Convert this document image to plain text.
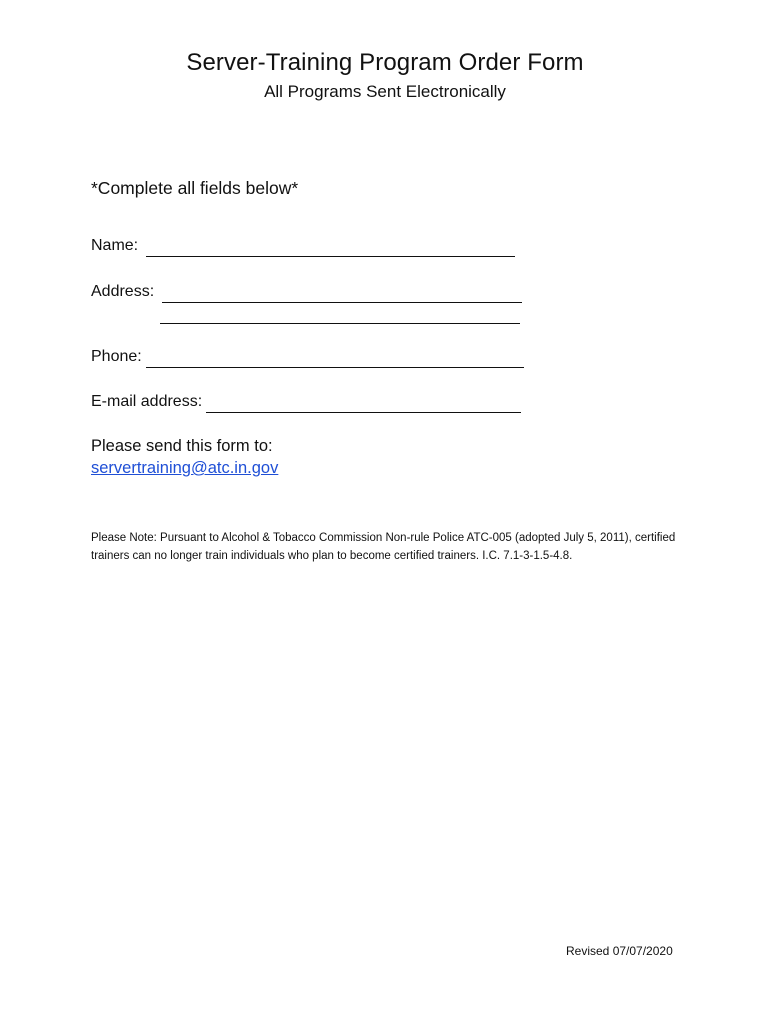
Server-Training Program Order Form
All Programs Sent Electronically
*Complete all fields below*
Name:
Address:
Phone:
E-mail address:
Please send this form to:
servertraining@atc.in.gov
Please Note: Pursuant to Alcohol & Tobacco Commission Non-rule Police ATC-005 (adopted July 5, 2011), certified trainers can no longer train individuals who plan to become certified trainers. I.C. 7.1-3-1.5-4.8.
Revised 07/07/2020
